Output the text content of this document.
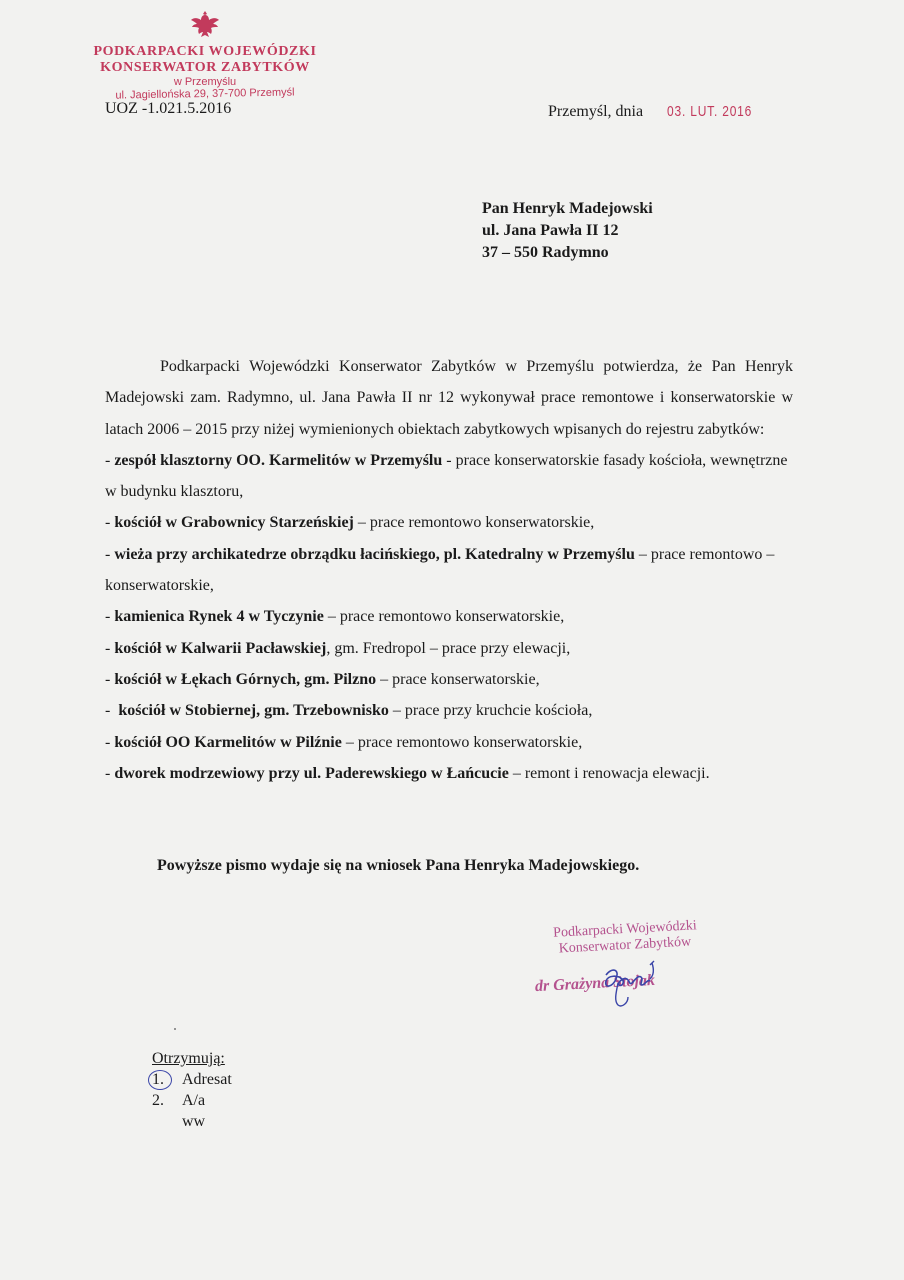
PODKARPACKI WOJEWÓDZKI
KONSERWATOR ZABYTKÓW
w Przemyślu
ul. Jagiellońska 29, 37-700 Przemyśl
UOZ -1.021.5.2016	Przemyśl, dnia 03. LUT. 2016
Pan Henryk Madejowski
ul. Jana Pawła II 12
37 – 550 Radymno

Podkarpacki Wojewódzki Konserwator Zabytków w Przemyślu potwierdza, że Pan Henryk Madejowski zam. Radymno, ul. Jana Pawła II nr 12 wykonywał prace remontowe i konserwatorskie w latach 2006 – 2015 przy niżej wymienionych obiektach zabytkowych wpisanych do rejestru zabytków:

- zespół klasztorny OO. Karmelitów w Przemyślu - prace konserwatorskie fasady kościoła, wewnętrzne w budynku klasztoru,
- kościół w Grabownicy Starzeńskiej – prace remontowo konserwatorskie,
- wieża przy archikatedrze obrządku łacińskiego, pl. Katedralny w Przemyślu – prace remontowo – konserwatorskie,
- kamienica Rynek 4 w Tyczynie – prace remontowo konserwatorskie,
- kościół w Kalwarii Pacławskiej, gm. Fredropol – prace przy elewacji,
- kościół w Łękach Górnych, gm. Pilzno – prace konserwatorskie,
-  kościół w Stobiernej, gm. Trzebownisko – prace przy kruchcie kościoła,
- kościół OO Karmelitów w Pilźnie – prace remontowo konserwatorskie,
- dworek modrzewiowy przy ul. Paderewskiego w Łańcucie – remont i renowacja elewacji.
Powyższe pismo wydaje się na wniosek Pana Henryka Madejowskiego.
Podkarpacki Wojewódzki
Konserwator Zabytków
dr Grażyna Stojak
Otrzymują:
1.	Adresat
2.	A/a
ww
